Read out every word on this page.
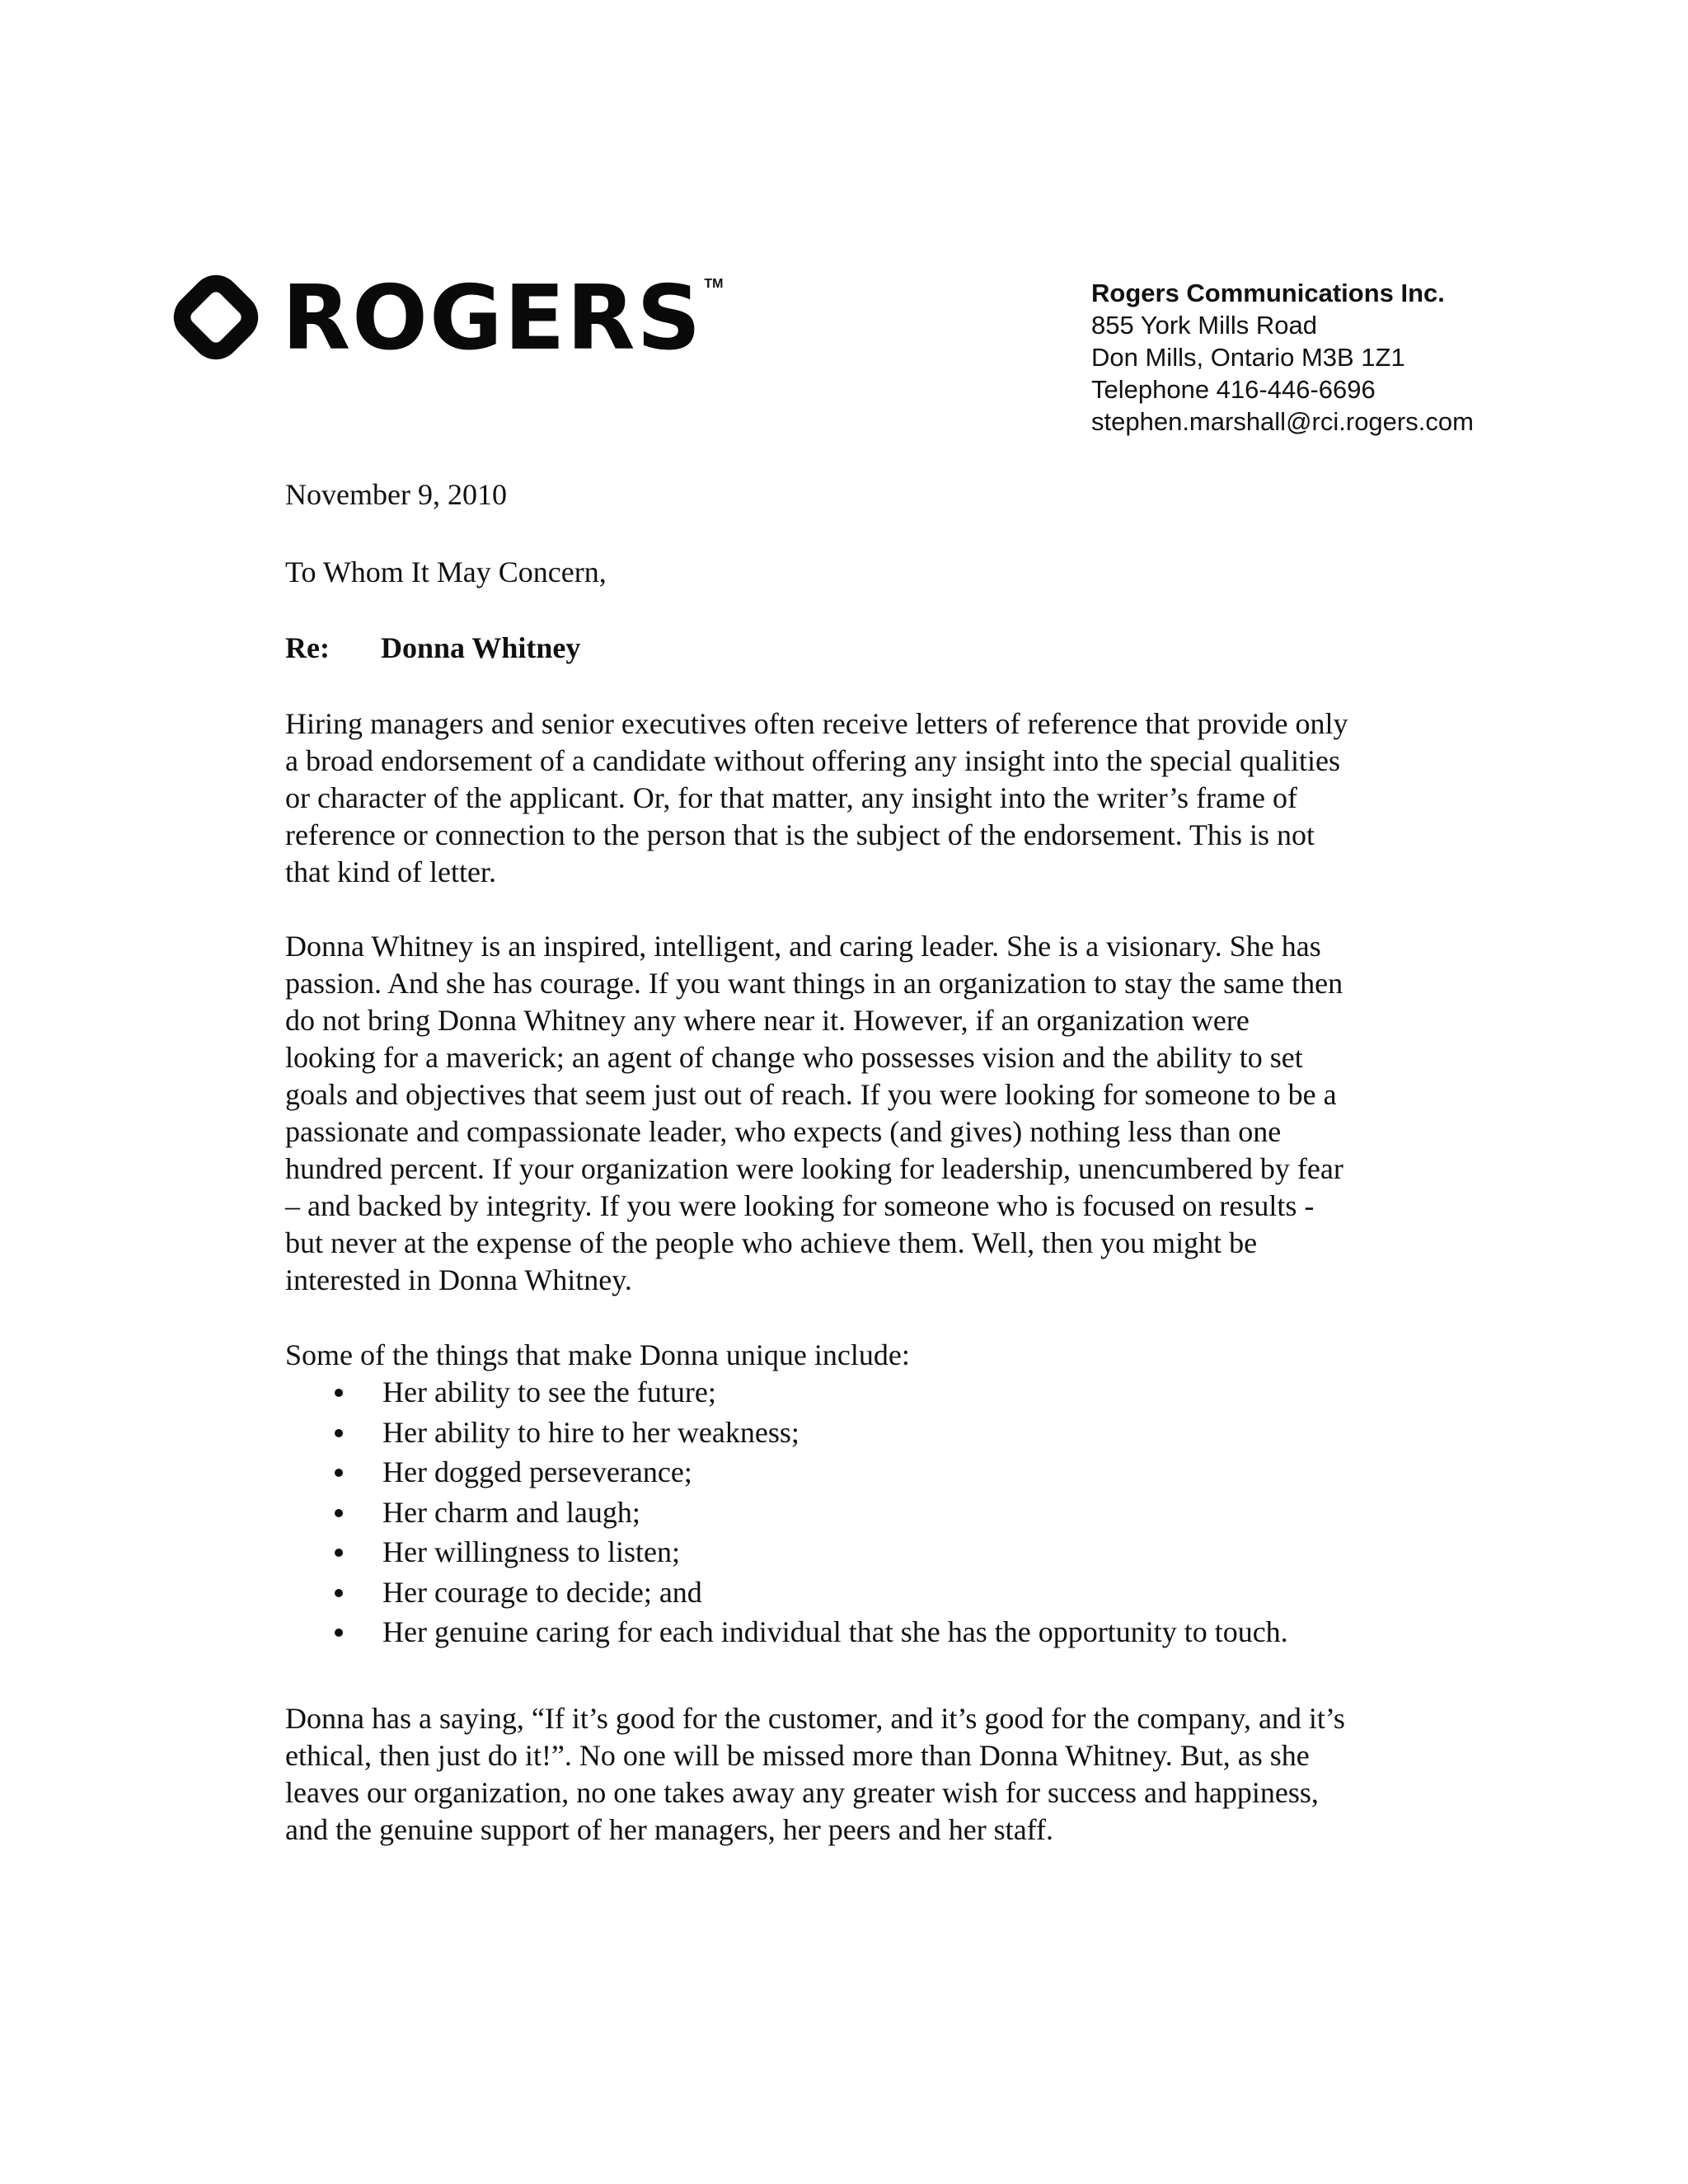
ROGERS TM	Rogers Communications Inc.
855 York Mills Road
Don Mills, Ontario M3B 1Z1
Telephone 416-446-6696
stephen.marshall@rci.rogers.com
November 9, 2010
To Whom It May Concern,
Re: Donna Whitney
Hiring managers and senior executives often receive letters of reference that provide only
a broad endorsement of a candidate without offering any insight into the special qualities
or character of the applicant. Or, for that matter, any insight into the writer’s frame of
reference or connection to the person that is the subject of the endorsement. This is not
that kind of letter.
Donna Whitney is an inspired, intelligent, and caring leader. She is a visionary. She has
passion. And she has courage. If you want things in an organization to stay the same then
do not bring Donna Whitney any where near it. However, if an organization were
looking for a maverick; an agent of change who possesses vision and the ability to set
goals and objectives that seem just out of reach. If you were looking for someone to be a
passionate and compassionate leader, who expects (and gives) nothing less than one
hundred percent. If your organization were looking for leadership, unencumbered by fear
– and backed by integrity. If you were looking for someone who is focused on results -
but never at the expense of the people who achieve them. Well, then you might be
interested in Donna Whitney.
Some of the things that make Donna unique include:
Her ability to see the future;
Her ability to hire to her weakness;
Her dogged perseverance;
Her charm and laugh;
Her willingness to listen;
Her courage to decide; and
Her genuine caring for each individual that she has the opportunity to touch.
Donna has a saying, “If it’s good for the customer, and it’s good for the company, and it’s
ethical, then just do it!”. No one will be missed more than Donna Whitney. But, as she
leaves our organization, no one takes away any greater wish for success and happiness,
and the genuine support of her managers, her peers and her staff.
